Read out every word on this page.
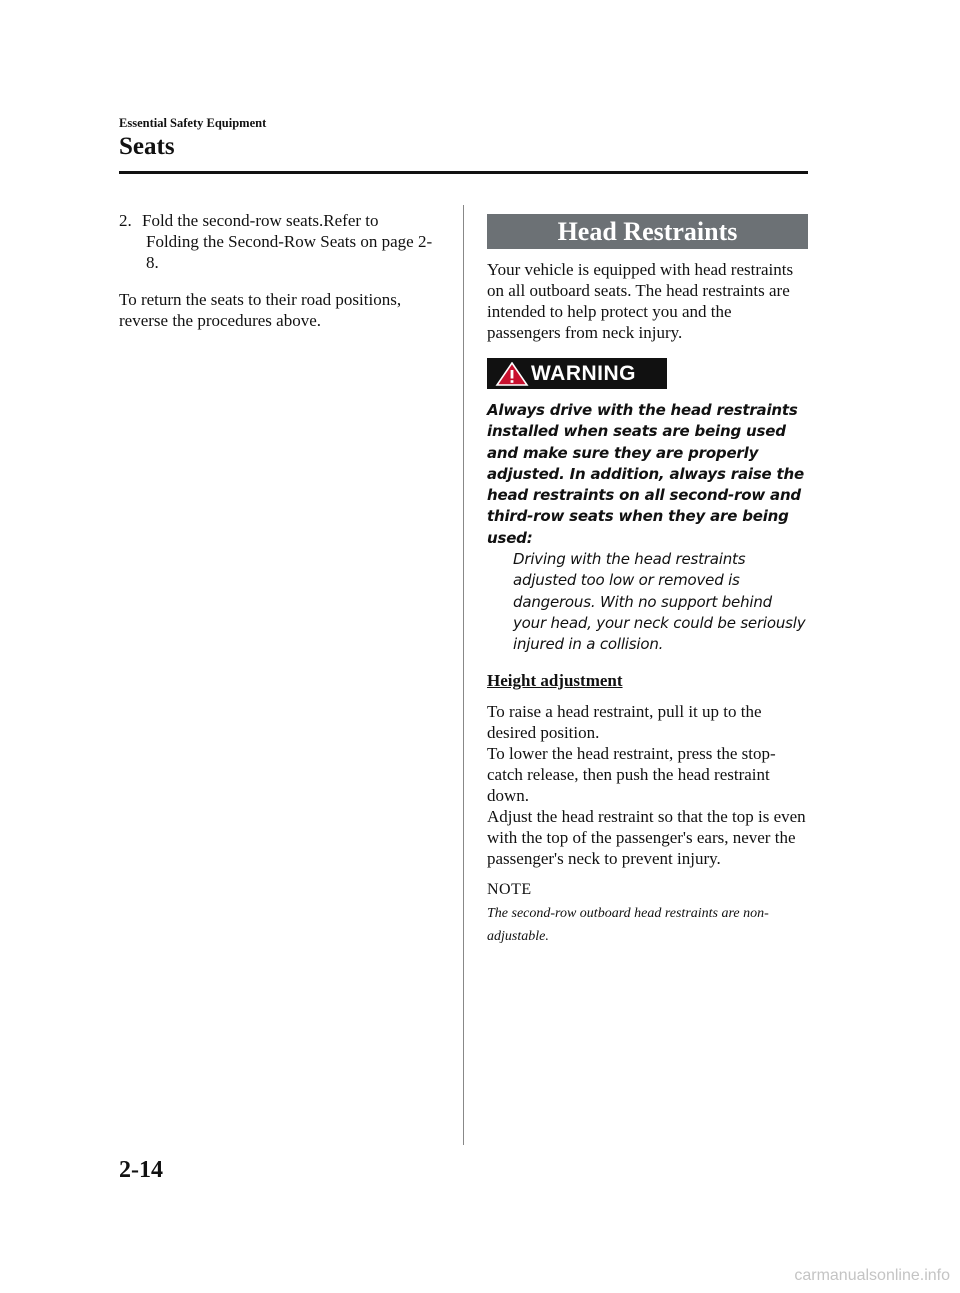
Essential Safety Equipment
Seats
2. Fold the second-row seats.Refer to
Folding the Second-Row Seats on page 2-8.

To return the seats to their road positions, reverse the procedures above.

Head Restraints

Your vehicle is equipped with head restraints on all outboard seats. The head restraints are intended to help protect you and the passengers from neck injury.

WARNING

Always drive with the head restraints installed when seats are being used and make sure they are properly adjusted. In addition, always raise the head restraints on all second-row and third-row seats when they are being used:

Driving with the head restraints adjusted too low or removed is dangerous. With no support behind your head, your neck could be seriously injured in a collision.

Height adjustment

To raise a head restraint, pull it up to the desired position.

To lower the head restraint, press the stop-catch release, then push the head restraint down.

Adjust the head restraint so that the top is even with the top of the passenger's ears, never the passenger's neck to prevent injury.

NOTE

The second-row outboard head restraints are non-adjustable.

2-14
carmanualsonline.info
